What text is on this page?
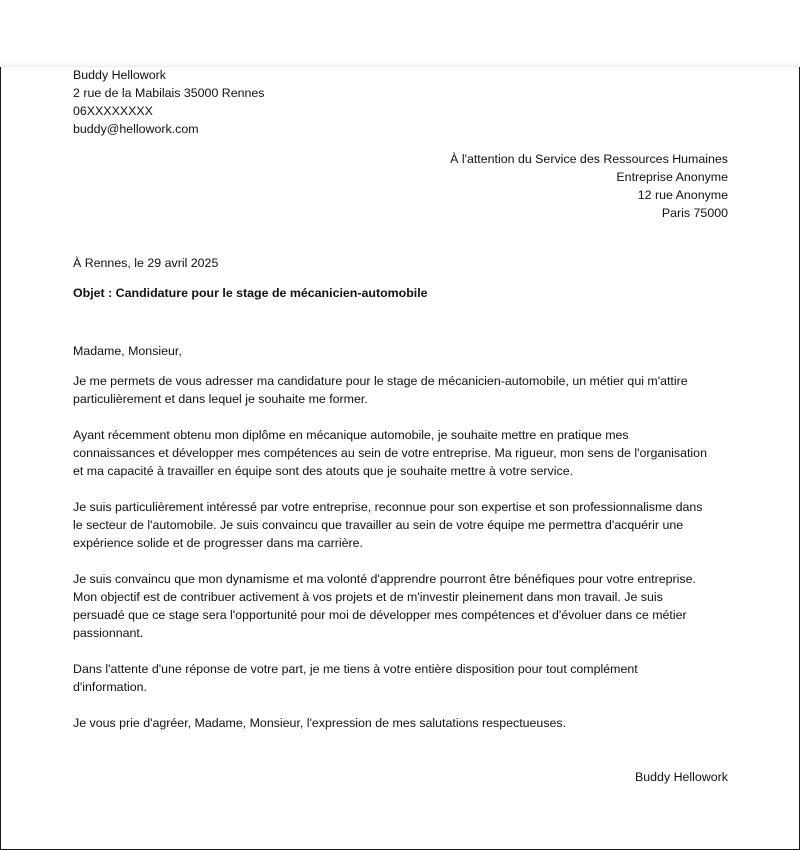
Buddy Hellowork
2 rue de la Mabilais 35000 Rennes
06XXXXXXXX
buddy@hellowork.com
À l'attention du Service des Ressources Humaines
Entreprise Anonyme
12 rue Anonyme
Paris 75000
À Rennes, le 29 avril 2025
Objet : Candidature pour le stage de mécanicien-automobile
Madame, Monsieur,

Je me permets de vous adresser ma candidature pour le stage de mécanicien-automobile, un métier qui m'attire
particulièrement et dans lequel je souhaite me former.

Ayant récemment obtenu mon diplôme en mécanique automobile, je souhaite mettre en pratique mes
connaissances et développer mes compétences au sein de votre entreprise. Ma rigueur, mon sens de l'organisation
et ma capacité à travailler en équipe sont des atouts que je souhaite mettre à votre service.

Je suis particulièrement intéressé par votre entreprise, reconnue pour son expertise et son professionnalisme dans
le secteur de l'automobile. Je suis convaincu que travailler au sein de votre équipe me permettra d'acquérir une
expérience solide et de progresser dans ma carrière.

Je suis convaincu que mon dynamisme et ma volonté d'apprendre pourront être bénéfiques pour votre entreprise.
Mon objectif est de contribuer activement à vos projets et de m'investir pleinement dans mon travail. Je suis
persuadé que ce stage sera l'opportunité pour moi de développer mes compétences et d'évoluer dans ce métier
passionnant.

Dans l'attente d'une réponse de votre part, je me tiens à votre entière disposition pour tout complément
d'information.

Je vous prie d'agréer, Madame, Monsieur, l'expression de mes salutations respectueuses.
Buddy Hellowork
